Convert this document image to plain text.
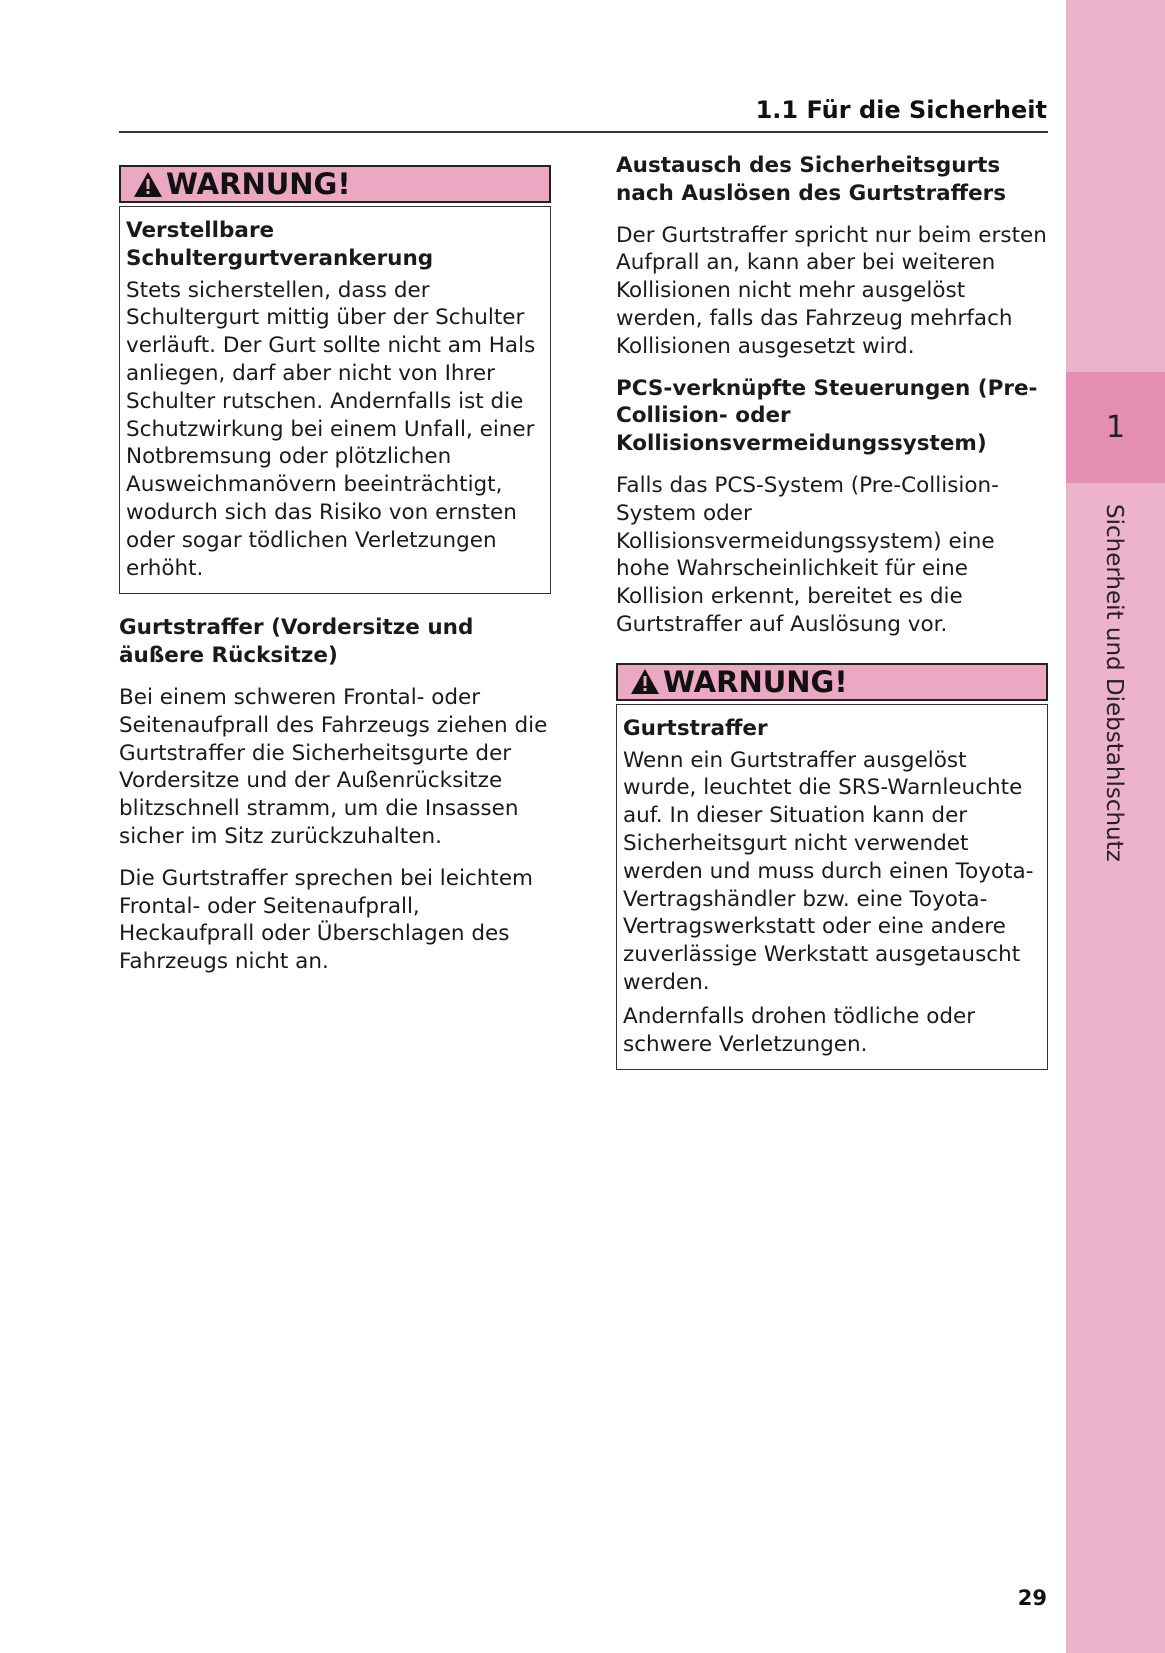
1
Sicherheit und Diebstahlschutz
1.1 Für die Sicherheit
WARNUNG!
Verstellbare Schultergurtverankerung

Stets sicherstellen, dass der Schultergurt mittig über der Schulter verläuft. Der Gurt sollte nicht am Hals anliegen, darf aber nicht von Ihrer Schulter rutschen. Andernfalls ist die Schutzwirkung bei einem Unfall, einer Notbremsung oder plötzlichen Ausweichmanövern beeinträchtigt, wodurch sich das Risiko von ernsten oder sogar tödlichen Verletzungen erhöht.

Gurtstraffer (Vordersitze und äußere Rücksitze)

Bei einem schweren Frontal- oder Seitenaufprall des Fahrzeugs ziehen die Gurtstraffer die Sicherheitsgurte der Vordersitze und der Außenrücksitze blitzschnell stramm, um die Insassen sicher im Sitz zurückzuhalten.

Die Gurtstraffer sprechen bei leichtem Frontal- oder Seitenaufprall, Heckaufprall oder Überschlagen des Fahrzeugs nicht an.

Austausch des Sicherheitsgurts nach Auslösen des Gurtstraffers

Der Gurtstraffer spricht nur beim ersten Aufprall an, kann aber bei weiteren Kollisionen nicht mehr ausgelöst werden, falls das Fahrzeug mehrfach Kollisionen ausgesetzt wird.

PCS-verknüpfte Steuerungen (Pre-Collision- oder Kollisionsvermeidungssystem)

Falls das PCS-System (Pre-Collision-System oder Kollisionsvermeidungssystem) eine hohe Wahrscheinlichkeit für eine Kollision erkennt, bereitet es die Gurtstraffer auf Auslösung vor.

WARNUNG!
Gurtstraffer

Wenn ein Gurtstraffer ausgelöst wurde, leuchtet die SRS-Warnleuchte auf. In dieser Situation kann der Sicherheitsgurt nicht verwendet werden und muss durch einen Toyota-Vertragshändler bzw. eine Toyota-Vertragswerkstatt oder eine andere zuverlässige Werkstatt ausgetauscht werden.

Andernfalls drohen tödliche oder schwere Verletzungen.

29
